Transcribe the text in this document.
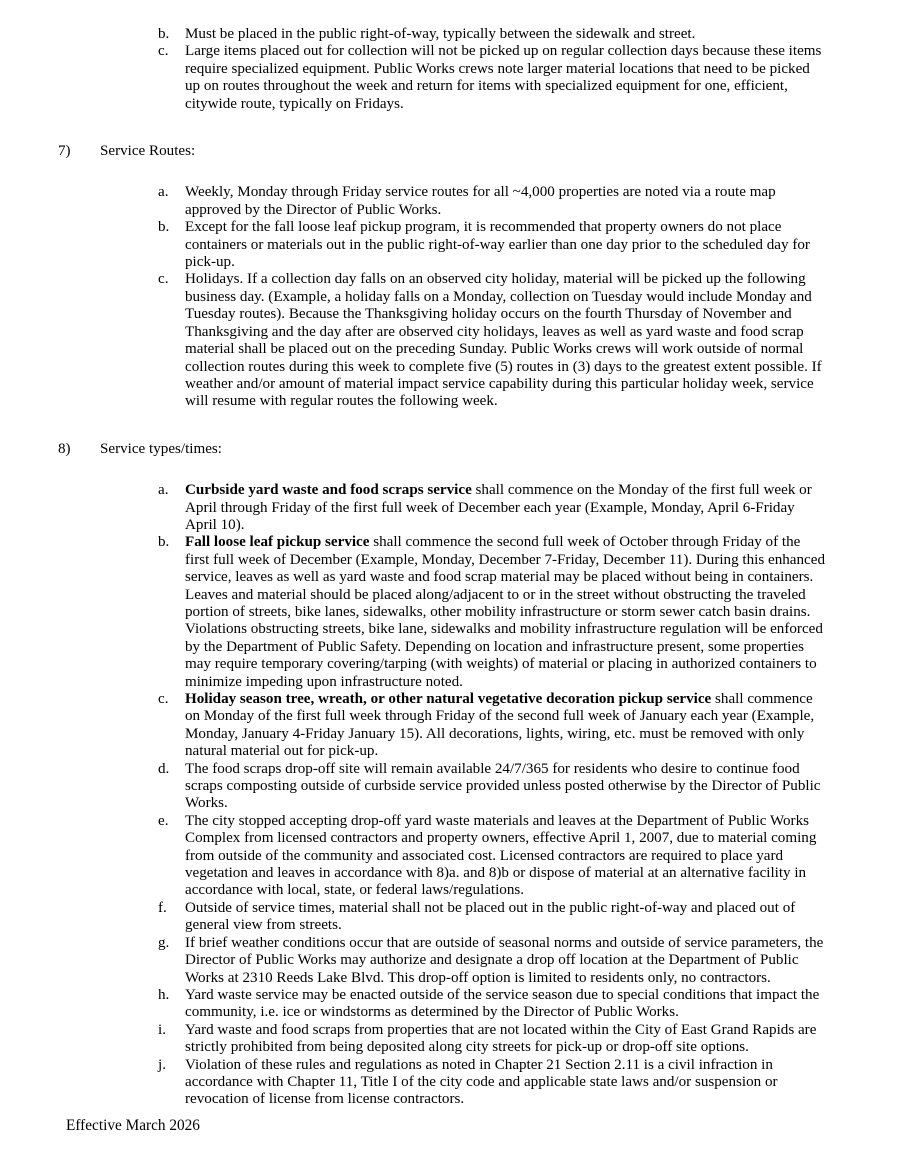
b.	Must be placed in the public right-of-way, typically between the sidewalk and street.
c.	Large items placed out for collection will not be picked up on regular collection days because these items require specialized equipment. Public Works crews note larger material locations that need to be picked up on routes throughout the week and return for items with specialized equipment for one, efficient, citywide route, typically on Fridays.
7)	Service Routes:
a.	Weekly, Monday through Friday service routes for all ~4,000 properties are noted via a route map approved by the Director of Public Works.
b.	Except for the fall loose leaf pickup program, it is recommended that property owners do not place containers or materials out in the public right-of-way earlier than one day prior to the scheduled day for pick-up.
c.	Holidays. If a collection day falls on an observed city holiday, material will be picked up the following business day. (Example, a holiday falls on a Monday, collection on Tuesday would include Monday and Tuesday routes). Because the Thanksgiving holiday occurs on the fourth Thursday of November and Thanksgiving and the day after are observed city holidays, leaves as well as yard waste and food scrap material shall be placed out on the preceding Sunday. Public Works crews will work outside of normal collection routes during this week to complete five (5) routes in (3) days to the greatest extent possible. If weather and/or amount of material impact service capability during this particular holiday week, service will resume with regular routes the following week.
8)	Service types/times:
a.	Curbside yard waste and food scraps service shall commence on the Monday of the first full week or April through Friday of the first full week of December each year (Example, Monday, April 6-Friday April 10).
b.	Fall loose leaf pickup service shall commence the second full week of October through Friday of the first full week of December (Example, Monday, December 7-Friday, December 11). During this enhanced service, leaves as well as yard waste and food scrap material may be placed without being in containers. Leaves and material should be placed along/adjacent to or in the street without obstructing the traveled portion of streets, bike lanes, sidewalks, other mobility infrastructure or storm sewer catch basin drains. Violations obstructing streets, bike lane, sidewalks and mobility infrastructure regulation will be enforced by the Department of Public Safety. Depending on location and infrastructure present, some properties may require temporary covering/tarping (with weights) of material or placing in authorized containers to minimize impeding upon infrastructure noted.
c.	Holiday season tree, wreath, or other natural vegetative decoration pickup service shall commence on Monday of the first full week through Friday of the second full week of January each year (Example, Monday, January 4-Friday January 15). All decorations, lights, wiring, etc. must be removed with only natural material out for pick-up.
d.	The food scraps drop-off site will remain available 24/7/365 for residents who desire to continue food scraps composting outside of curbside service provided unless posted otherwise by the Director of Public Works.
e.	The city stopped accepting drop-off yard waste materials and leaves at the Department of Public Works Complex from licensed contractors and property owners, effective April 1, 2007, due to material coming from outside of the community and associated cost. Licensed contractors are required to place yard vegetation and leaves in accordance with 8)a. and 8)b or dispose of material at an alternative facility in accordance with local, state, or federal laws/regulations.
f.	Outside of service times, material shall not be placed out in the public right-of-way and placed out of general view from streets.
g.	If brief weather conditions occur that are outside of seasonal norms and outside of service parameters, the Director of Public Works may authorize and designate a drop off location at the Department of Public Works at 2310 Reeds Lake Blvd. This drop-off option is limited to residents only, no contractors.
h.	Yard waste service may be enacted outside of the service season due to special conditions that impact the community, i.e. ice or windstorms as determined by the Director of Public Works.
i.	Yard waste and food scraps from properties that are not located within the City of East Grand Rapids are strictly prohibited from being deposited along city streets for pick-up or drop-off site options.
j.	Violation of these rules and regulations as noted in Chapter 21 Section 2.11 is a civil infraction in accordance with Chapter 11, Title I of the city code and applicable state laws and/or suspension or revocation of license from license contractors.
Effective March 2026
